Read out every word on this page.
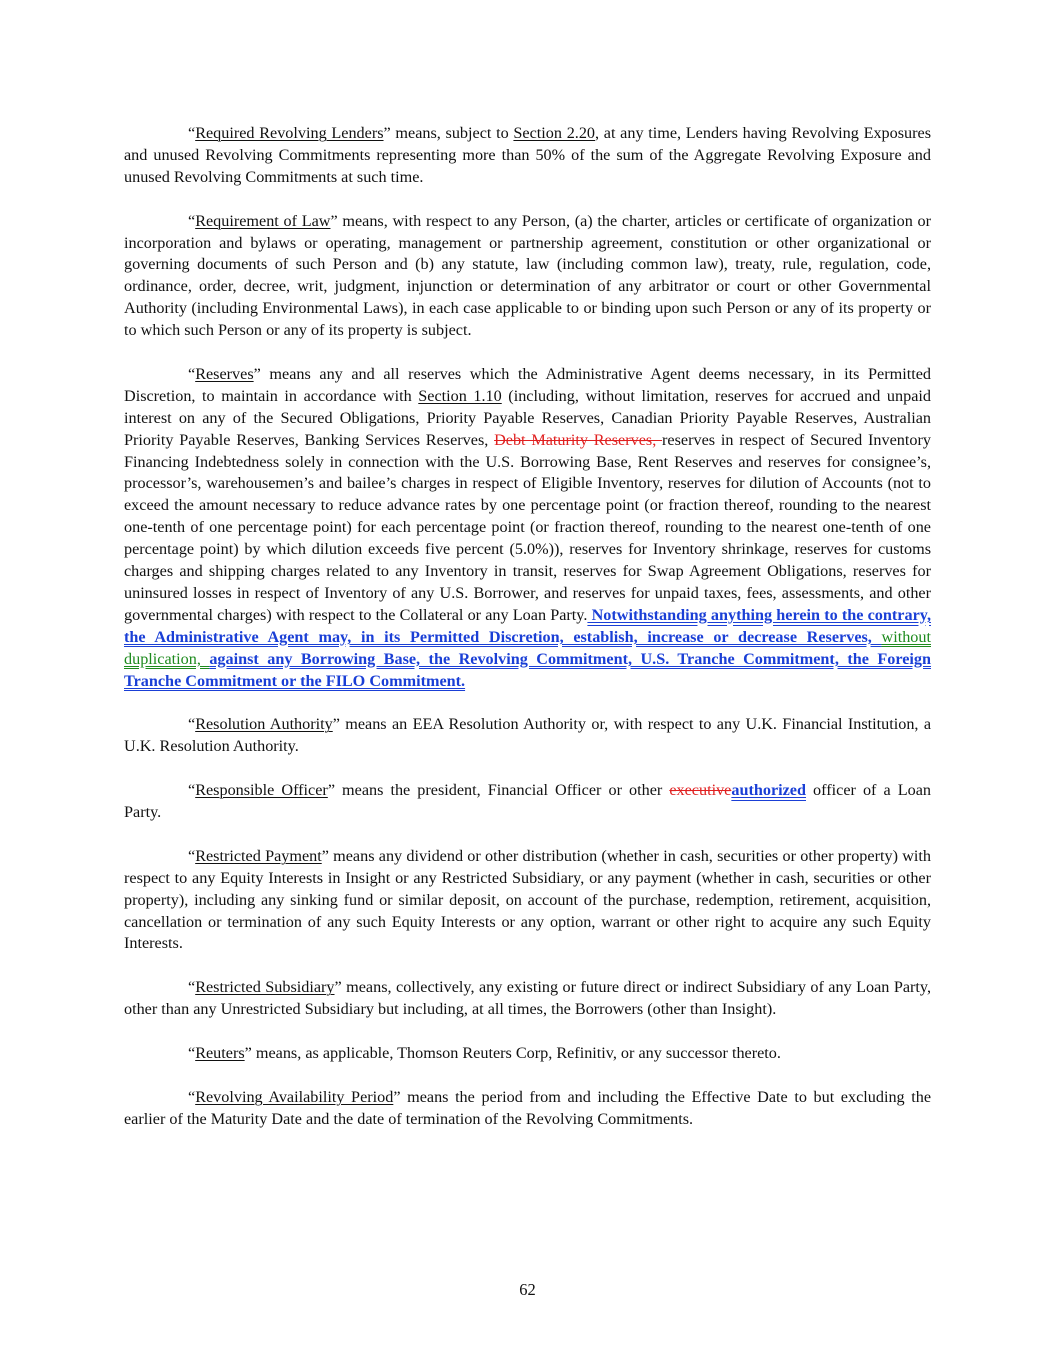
“Required Revolving Lenders” means, subject to Section 2.20, at any time, Lenders having Revolving Exposures and unused Revolving Commitments representing more than 50% of the sum of the Aggregate Revolving Exposure and unused Revolving Commitments at such time.

“Requirement of Law” means, with respect to any Person, (a) the charter, articles or certificate of organization or incorporation and bylaws or operating, management or partnership agreement, constitution or other organizational or governing documents of such Person and (b) any statute, law (including common law), treaty, rule, regulation, code, ordinance, order, decree, writ, judgment, injunction or determination of any arbitrator or court or other Governmental Authority (including Environmental Laws), in each case applicable to or binding upon such Person or any of its property or to which such Person or any of its property is subject.

“Reserves” means any and all reserves which the Administrative Agent deems necessary, in its Permitted Discretion, to maintain in accordance with Section 1.10 (including, without limitation, reserves for accrued and unpaid interest on any of the Secured Obligations, Priority Payable Reserves, Canadian Priority Payable Reserves, Australian Priority Payable Reserves, Banking Services Reserves, Debt Maturity Reserves, reserves in respect of Secured Inventory Financing Indebtedness solely in connection with the U.S. Borrowing Base, Rent Reserves and reserves for consignee’s, processor’s, warehousemen’s and bailee’s charges in respect of Eligible Inventory, reserves for dilution of Accounts (not to exceed the amount necessary to reduce advance rates by one percentage point (or fraction thereof, rounding to the nearest one-tenth of one percentage point) for each percentage point (or fraction thereof, rounding to the nearest one-tenth of one percentage point) by which dilution exceeds five percent (5.0%)), reserves for Inventory shrinkage, reserves for customs charges and shipping charges related to any Inventory in transit, reserves for Swap Agreement Obligations, reserves for uninsured losses in respect of Inventory of any U.S. Borrower, and reserves for unpaid taxes, fees, assessments, and other governmental charges) with respect to the Collateral or any Loan Party. Notwithstanding anything herein to the contrary, the Administrative Agent may, in its Permitted Discretion, establish, increase or decrease Reserves, without duplication, against any Borrowing Base, the Revolving Commitment, U.S. Tranche Commitment, the Foreign Tranche Commitment or the FILO Commitment.

“Resolution Authority” means an EEA Resolution Authority or, with respect to any U.K. Financial Institution, a U.K. Resolution Authority.

“Responsible Officer” means the president, Financial Officer or other executiveauthorized officer of a Loan Party.

“Restricted Payment” means any dividend or other distribution (whether in cash, securities or other property) with respect to any Equity Interests in Insight or any Restricted Subsidiary, or any payment (whether in cash, securities or other property), including any sinking fund or similar deposit, on account of the purchase, redemption, retirement, acquisition, cancellation or termination of any such Equity Interests or any option, warrant or other right to acquire any such Equity Interests.

“Restricted Subsidiary” means, collectively, any existing or future direct or indirect Subsidiary of any Loan Party, other than any Unrestricted Subsidiary but including, at all times, the Borrowers (other than Insight).

“Reuters” means, as applicable, Thomson Reuters Corp, Refinitiv, or any successor thereto.

“Revolving Availability Period” means the period from and including the Effective Date to but excluding the earlier of the Maturity Date and the date of termination of the Revolving Commitments.

62
